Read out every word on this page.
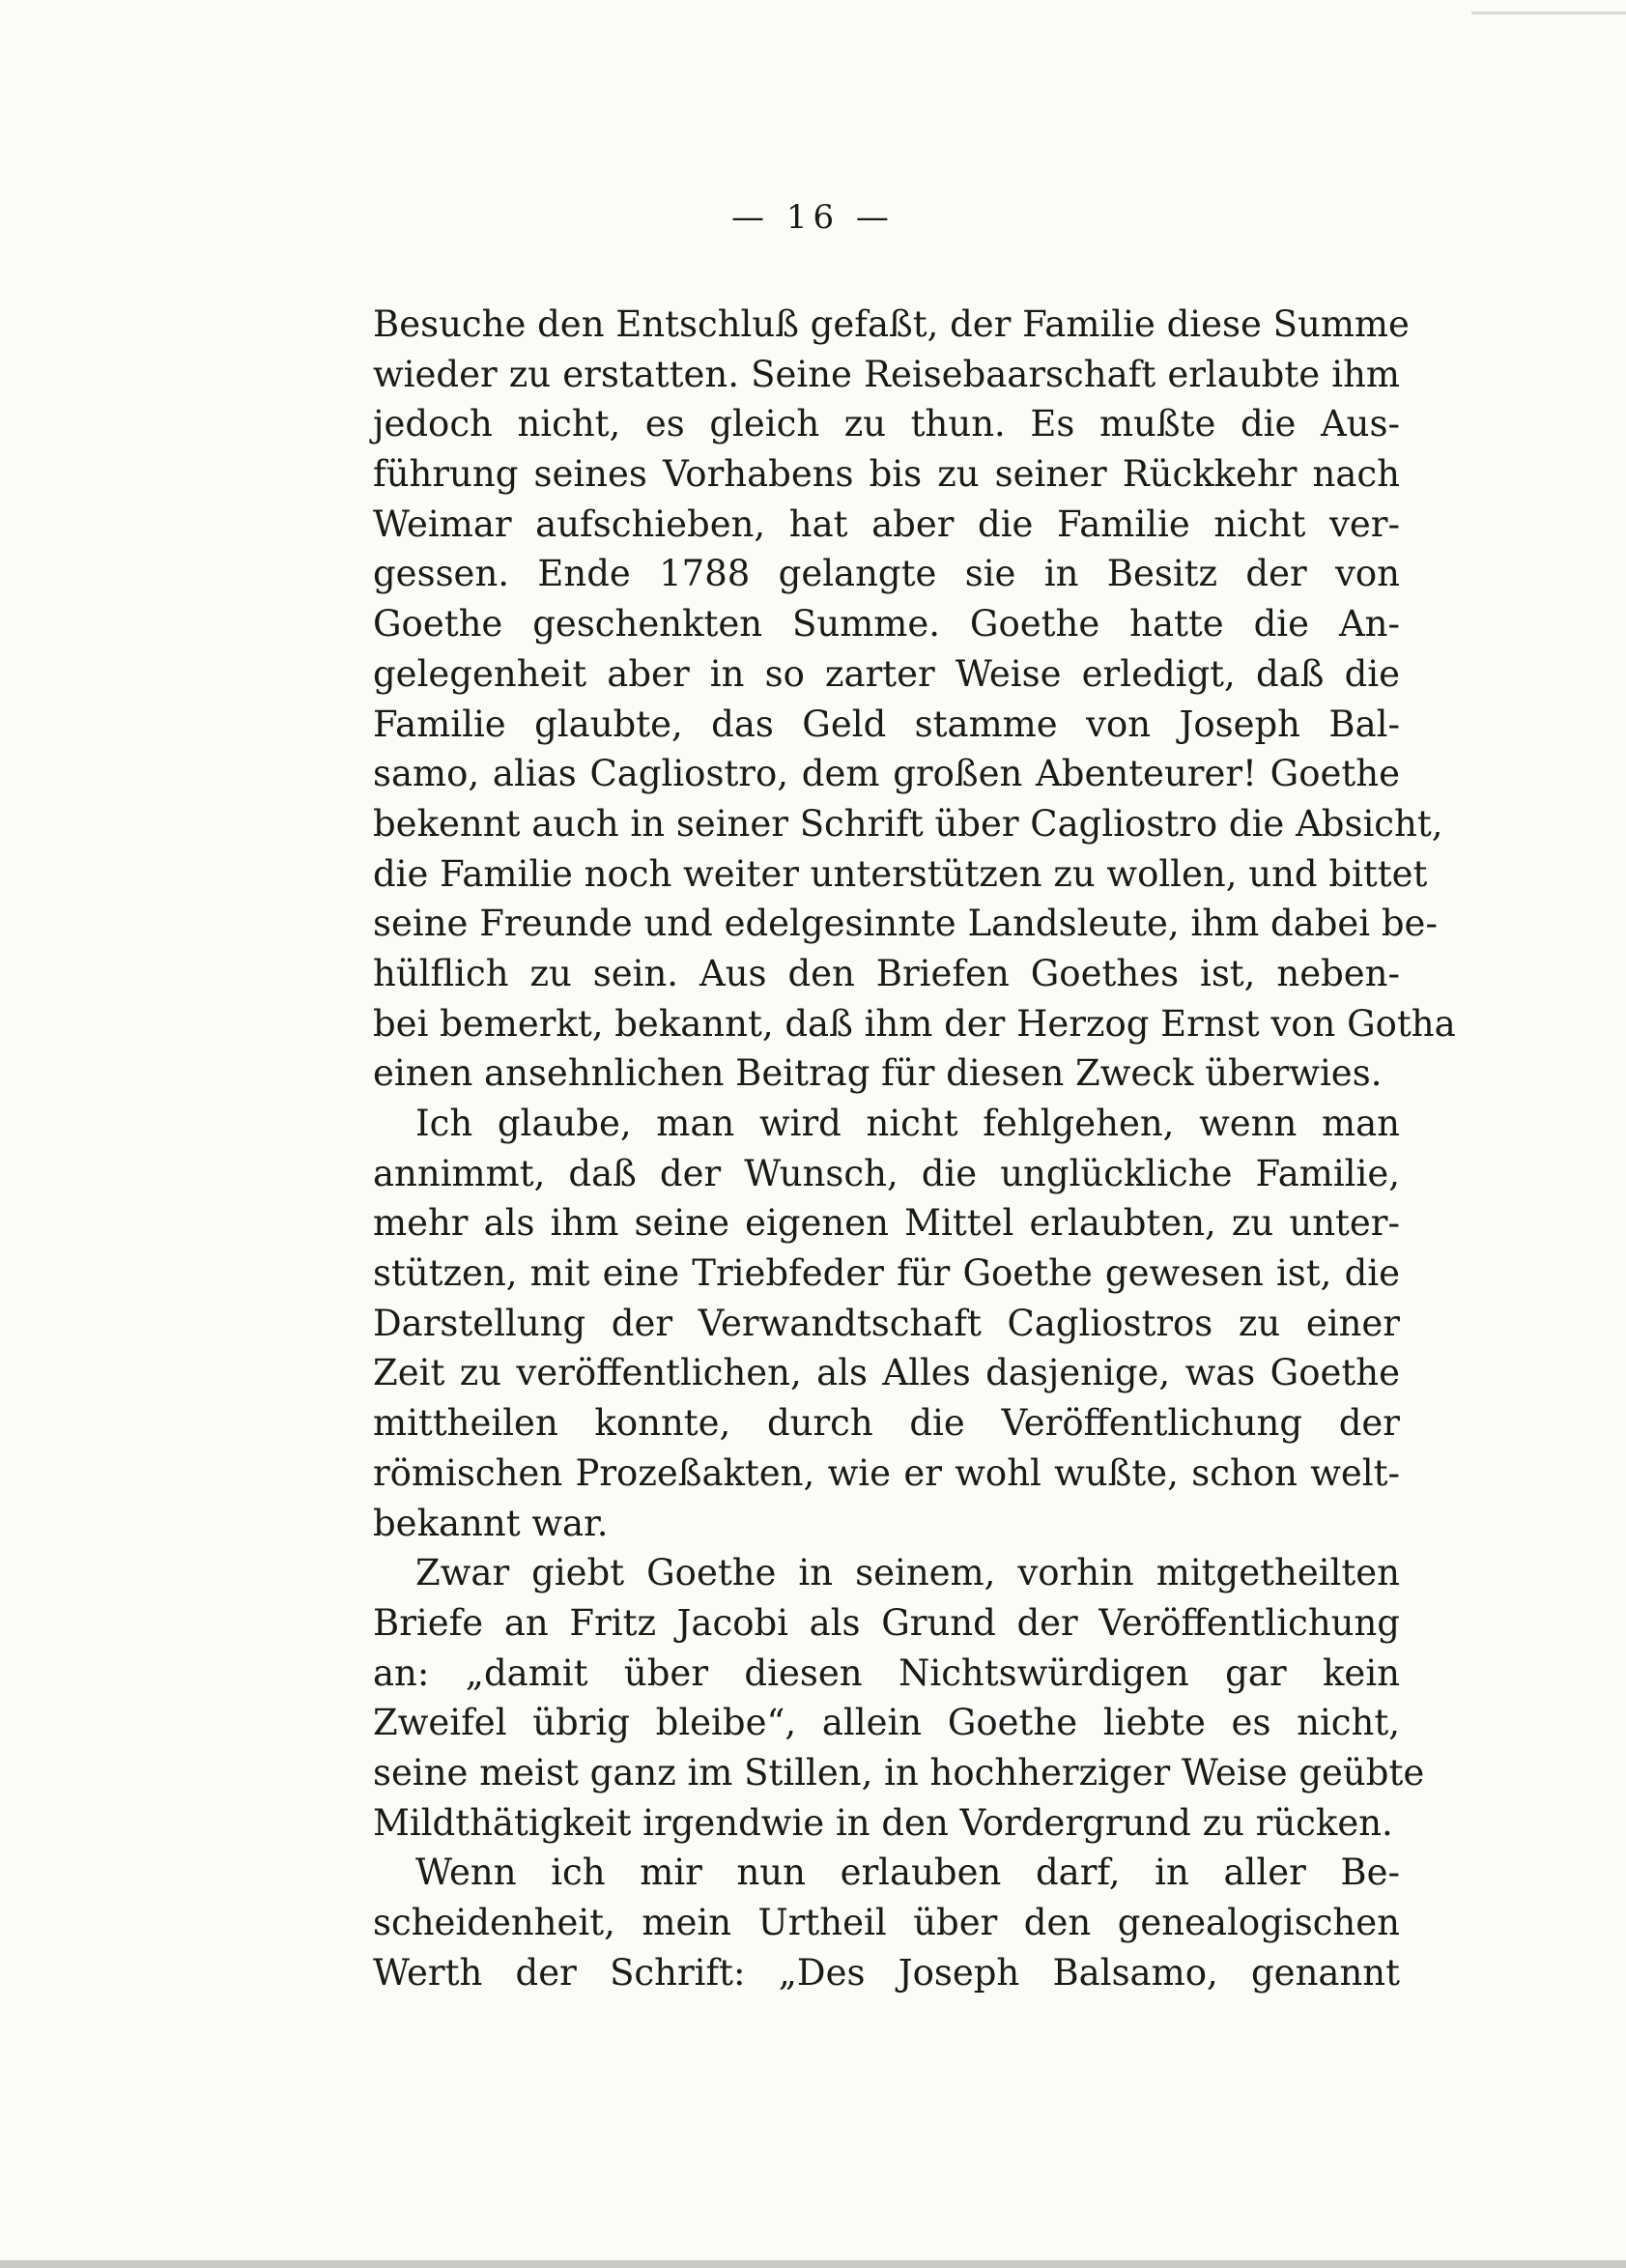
— 16 —
Besuche den Entschluß gefaßt, der Familie diese Summe
wieder zu erstatten. Seine Reisebaarschaft erlaubte ihm
jedoch nicht, es gleich zu thun. Es mußte die Aus-
führung seines Vorhabens bis zu seiner Rückkehr nach
Weimar aufschieben, hat aber die Familie nicht ver-
gessen. Ende 1788 gelangte sie in Besitz der von
Goethe geschenkten Summe. Goethe hatte die An-
gelegenheit aber in so zarter Weise erledigt, daß die
Familie glaubte, das Geld stamme von Joseph Bal-
samo, alias Cagliostro, dem großen Abenteurer! Goethe
bekennt auch in seiner Schrift über Cagliostro die Absicht,
die Familie noch weiter unterstützen zu wollen, und bittet
seine Freunde und edelgesinnte Landsleute, ihm dabei be-
hülflich zu sein. Aus den Briefen Goethes ist, neben-
bei bemerkt, bekannt, daß ihm der Herzog Ernst von Gotha
einen ansehnlichen Beitrag für diesen Zweck überwies.
Ich glaube, man wird nicht fehlgehen, wenn man
annimmt, daß der Wunsch, die unglückliche Familie,
mehr als ihm seine eigenen Mittel erlaubten, zu unter-
stützen, mit eine Triebfeder für Goethe gewesen ist, die
Darstellung der Verwandtschaft Cagliostros zu einer
Zeit zu veröffentlichen, als Alles dasjenige, was Goethe
mittheilen konnte, durch die Veröffentlichung der
römischen Prozeßakten, wie er wohl wußte, schon welt-
bekannt war.
Zwar giebt Goethe in seinem, vorhin mitgetheilten
Briefe an Fritz Jacobi als Grund der Veröffentlichung
an: „damit über diesen Nichtswürdigen gar kein
Zweifel übrig bleibe“, allein Goethe liebte es nicht,
seine meist ganz im Stillen, in hochherziger Weise geübte
Mildthätigkeit irgendwie in den Vordergrund zu rücken.
Wenn ich mir nun erlauben darf, in aller Be-
scheidenheit, mein Urtheil über den genealogischen
Werth der Schrift: „Des Joseph Balsamo, genannt
